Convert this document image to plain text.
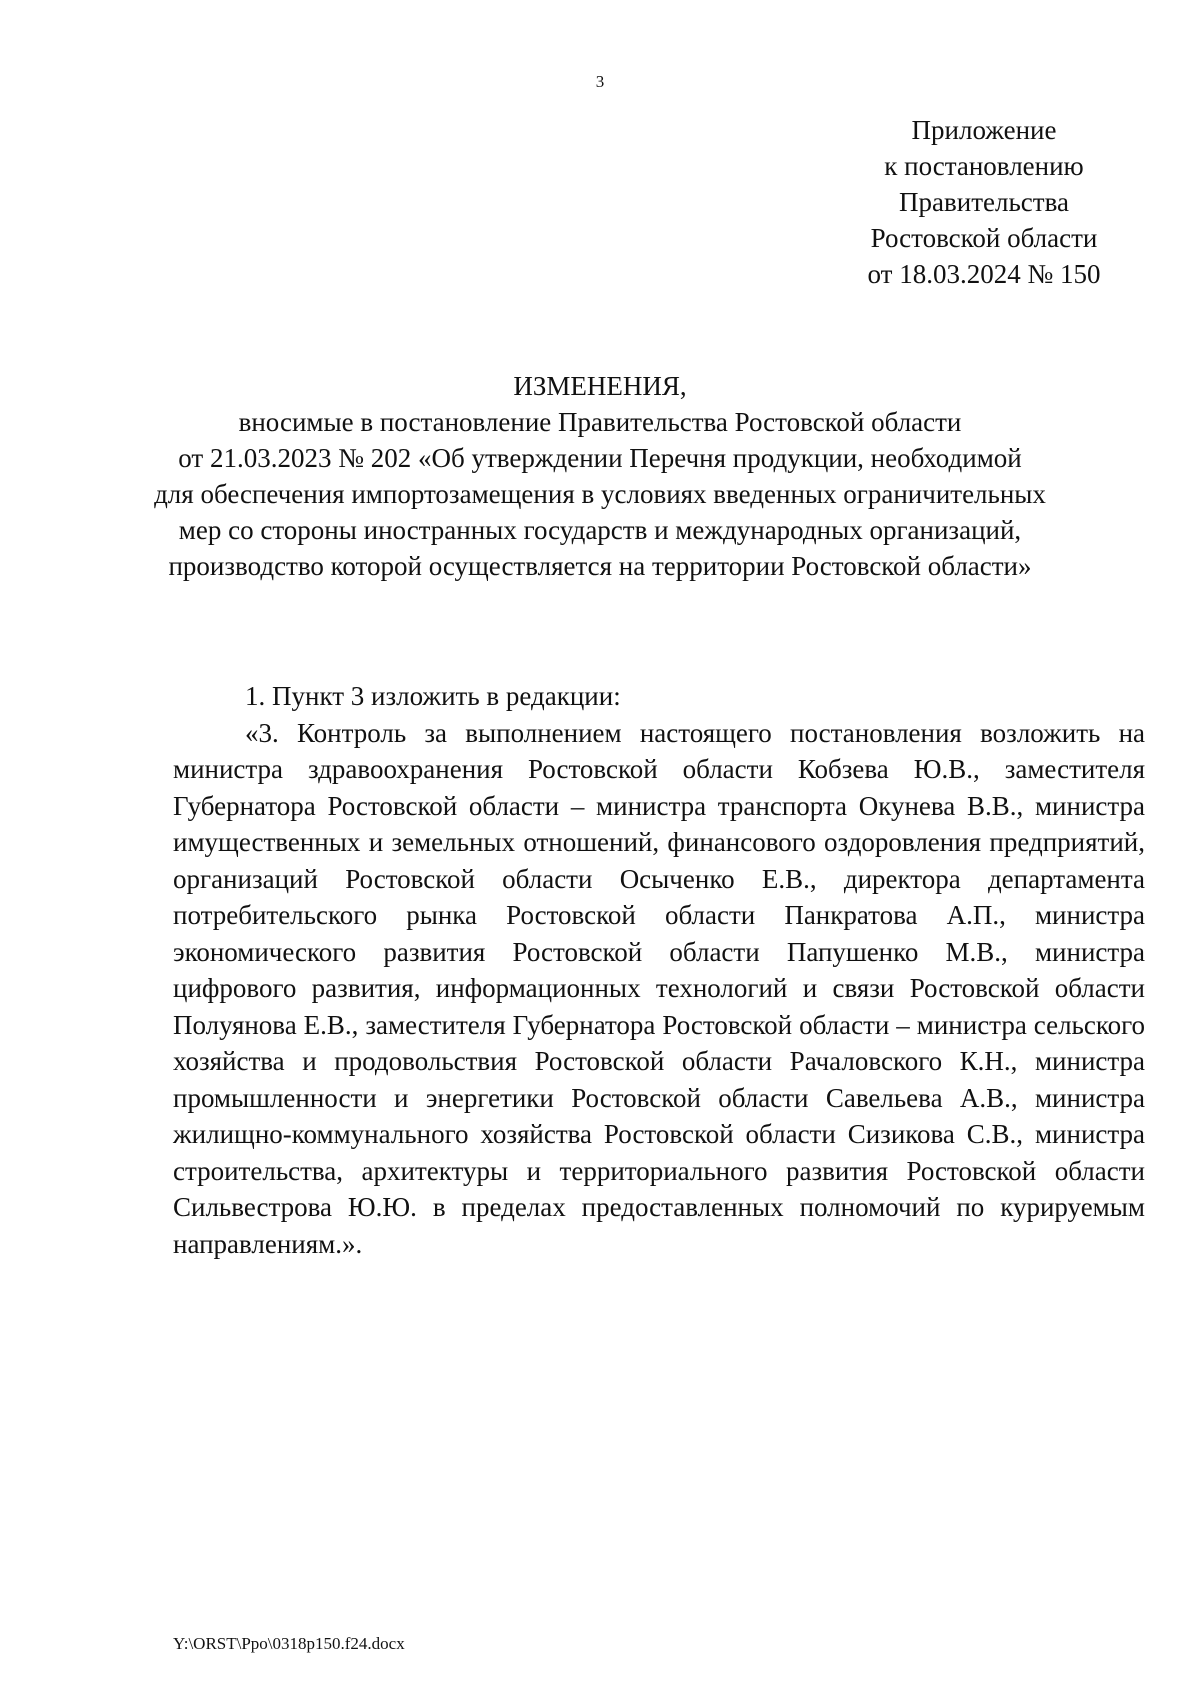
3
Приложение
к постановлению
Правительства
Ростовской области
от 18.03.2024 № 150
ИЗМЕНЕНИЯ,
вносимые в постановление Правительства Ростовской области
от 21.03.2023 № 202 «Об утверждении Перечня продукции, необходимой
для обеспечения импортозамещения в условиях введенных ограничительных
мер со стороны иностранных государств и международных организаций,
производство которой осуществляется на территории Ростовской области»

1. Пункт 3 изложить в редакции:

«3. Контроль за выполнением настоящего постановления возложить на министра здравоохранения Ростовской области Кобзева Ю.В., заместителя Губернатора Ростовской области – министра транспорта Окунева В.В., министра имущественных и земельных отношений, финансового оздоровления предприятий, организаций Ростовской области Осыченко Е.В., директора департамента потребительского рынка Ростовской области Панкратова А.П., министра экономического развития Ростовской области Папушенко М.В., министра цифрового развития, информационных технологий и связи Ростовской области Полуянова Е.В., заместителя Губернатора Ростовской области – министра сельского хозяйства и продовольствия Ростовской области Рачаловского К.Н., министра промышленности и энергетики Ростовской области Савельева А.В., министра жилищно-коммунального хозяйства Ростовской области Сизикова С.В., министра строительства, архитектуры и территориального развития Ростовской области Сильвестрова Ю.Ю. в пределах предоставленных полномочий по курируемым направлениям.».

Y:\ORST\Ppo\0318p150.f24.docx
